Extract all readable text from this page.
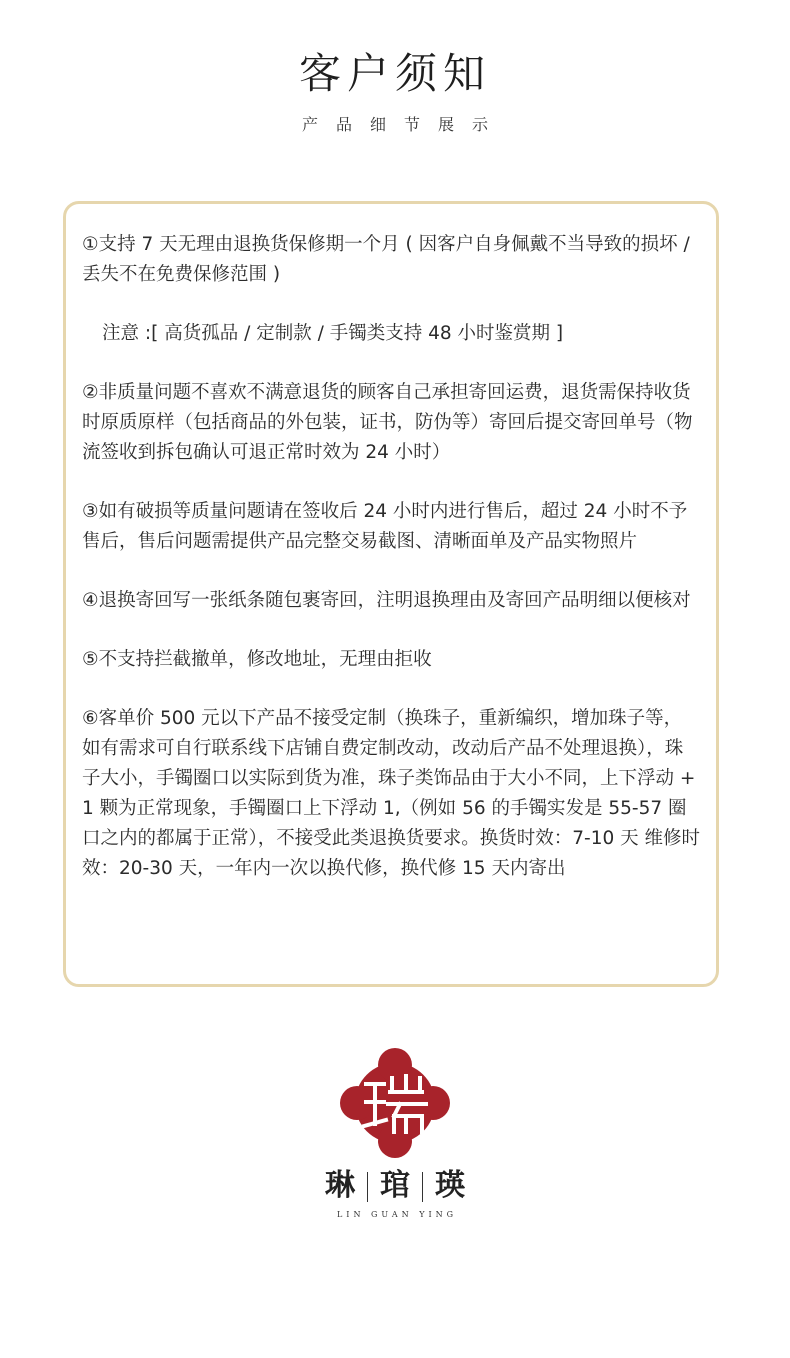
客户须知
产品细节展示

①支持 7 天无理由退换货保修期一个月 ( 因客户自身佩戴不当导致的损坏 / 丢失不在免费保修范围 )

注意 :[ 高货孤品 / 定制款 / 手镯类支持 48 小时鉴赏期 ]

②非质量问题不喜欢不满意退货的顾客自己承担寄回运费，退货需保持收货时原质原样（包括商品的外包装，证书，防伪等）寄回后提交寄回单号（物流签收到拆包确认可退正常时效为 24 小时）

③如有破损等质量问题请在签收后 24 小时内进行售后，超过 24 小时不予售后，售后问题需提供产品完整交易截图、清晰面单及产品实物照片

④退换寄回写一张纸条随包裹寄回，注明退换理由及寄回产品明细以便核对

⑤不支持拦截撤单，修改地址，无理由拒收

⑥客单价 500 元以下产品不接受定制（换珠子，重新编织，增加珠子等，如有需求可自行联系线下店铺自费定制改动，改动后产品不处理退换），珠子大小，手镯圈口以实际到货为准，珠子类饰品由于大小不同，上下浮动 +1 颗为正常现象，手镯圈口上下浮动 1,（例如 56 的手镯实发是 55-57 圈口之内的都属于正常），不接受此类退换货要求。换货时效：7-10 天 维修时效：20-30 天，一年内一次以换代修，换代修 15 天内寄出

琳 琯 瑛
LIN GUAN YING
